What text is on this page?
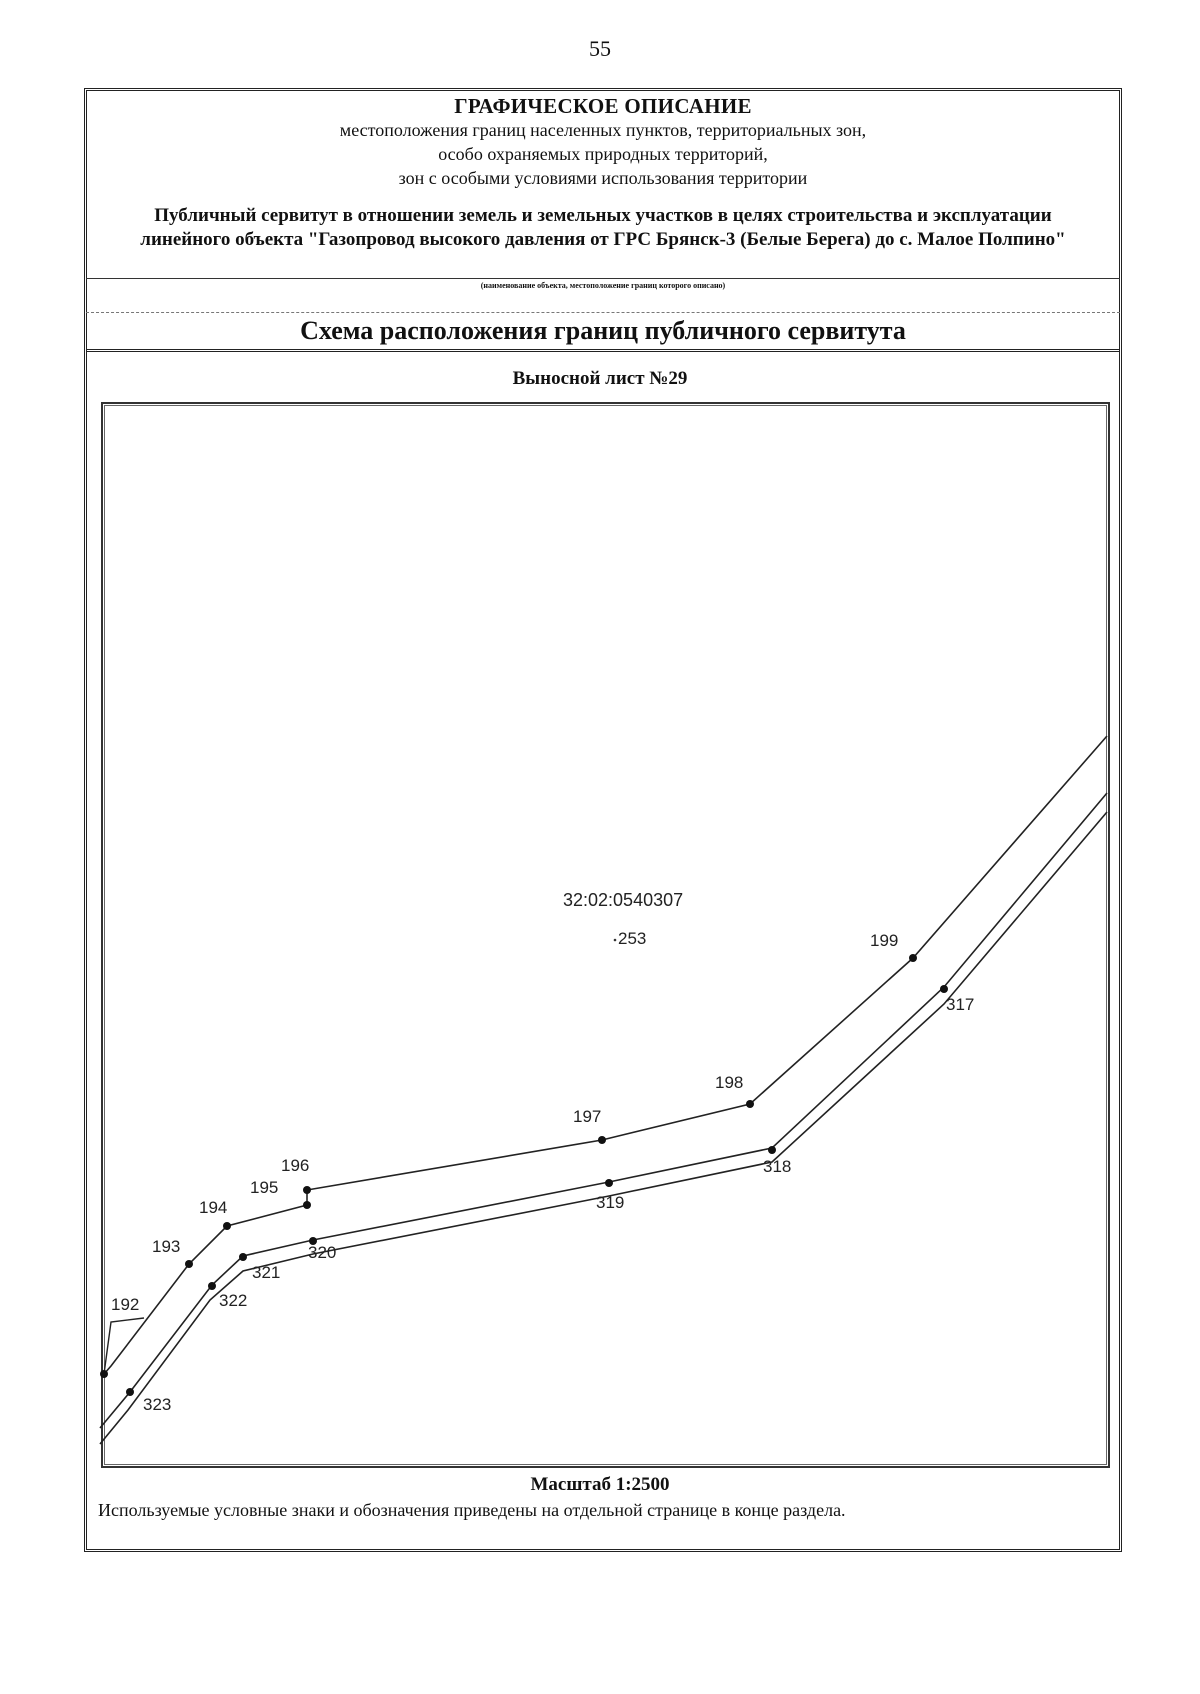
55
ГРАФИЧЕСКОЕ ОПИСАНИЕ
местоположения границ населенных пунктов, территориальных зон,
особо охраняемых природных территорий,
зон с особыми условиями использования территории
Публичный сервитут в отношении земель и земельных участков в целях строительства и эксплуатации линейного объекта "Газопровод высокого давления от ГРС Брянск-3 (Белые Берега) до с. Малое Полпино"
(наименование объекта, местоположение границ которого описано)
Схема расположения границ публичного сервитута
Выносной лист №29
192
193
194
195
196
197
198
199
317
318
319
320
321
322
323
32:02:0540307
253
Масштаб 1:2500
Используемые условные знаки и обозначения приведены на отдельной странице в конце раздела.
